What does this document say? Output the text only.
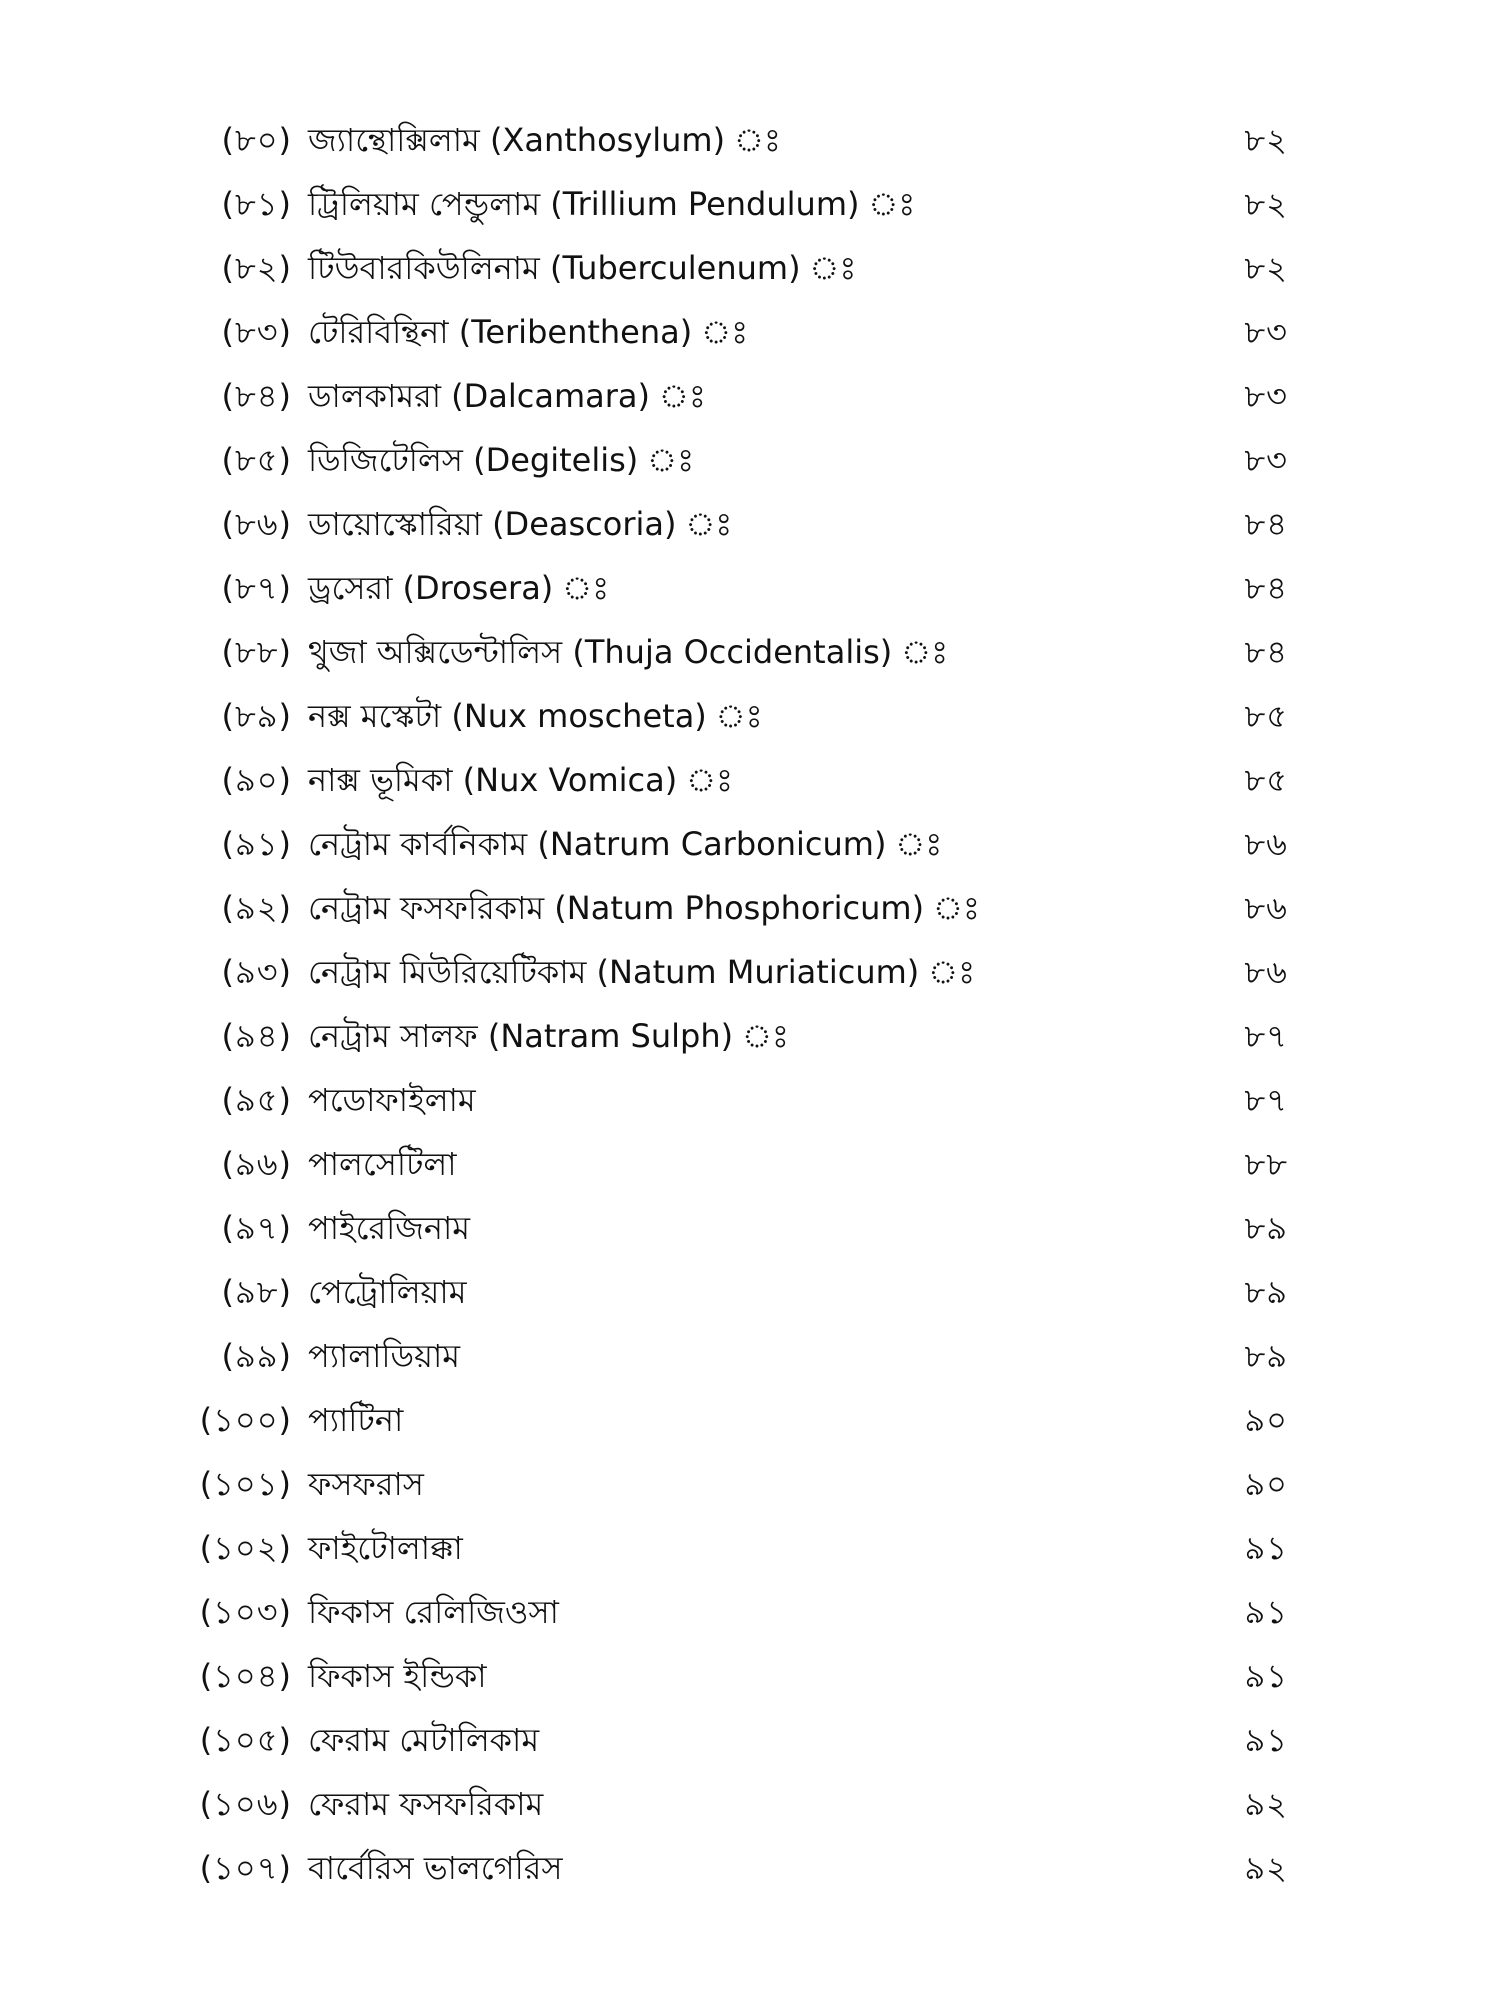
(৮০) জ্যান্থোক্সিলাম (Xanthosylum) ঃ	৮২
(৮১) ট্রিলিয়াম পেন্ডুলাম (Trillium Pendulum) ঃ	৮২
(৮২) টিউবারকিউলিনাম (Tuberculenum) ঃ	৮২
(৮৩) টেরিবিন্থিনা (Teribenthena) ঃ	৮৩
(৮৪) ডালকামরা (Dalcamara) ঃ	৮৩
(৮৫) ডিজিটেলিস (Degitelis) ঃ	৮৩
(৮৬) ডায়োস্কোরিয়া (Deascoria) ঃ	৮৪
(৮৭) ড্রসেরা (Drosera) ঃ	৮৪
(৮৮) থুজা অক্সিডেন্টালিস (Thuja Occidentalis) ঃ	৮৪
(৮৯) নক্স মস্কেটা (Nux moscheta) ঃ	৮৫
(৯০) নাক্স ভূমিকা (Nux Vomica) ঃ	৮৫
(৯১) নেট্রাম কার্বনিকাম (Natrum Carbonicum) ঃ	৮৬
(৯২) নেট্রাম ফসফরিকাম (Natum Phosphoricum) ঃ	৮৬
(৯৩) নেট্রাম মিউরিয়েটিকাম (Natum Muriaticum) ঃ	৮৬
(৯৪) নেট্রাম সালফ (Natram Sulph) ঃ	৮৭
(৯৫) পডোফাইলাম	৮৭
(৯৬) পালসেটিলা	৮৮
(৯৭) পাইরেজিনাম	৮৯
(৯৮) পেট্রোলিয়াম	৮৯
(৯৯) প্যালাডিয়াম	৮৯
(১০০) প্যাটিনা	৯০
(১০১) ফসফরাস	৯০
(১০২) ফাইটোলাক্কা	৯১
(১০৩) ফিকাস রেলিজিওসা	৯১
(১০৪) ফিকাস ইন্ডিকা	৯১
(১০৫) ফেরাম মেটালিকাম	৯১
(১০৬) ফেরাম ফসফরিকাম	৯২
(১০৭) বার্বেরিস ভালগেরিস	৯২
